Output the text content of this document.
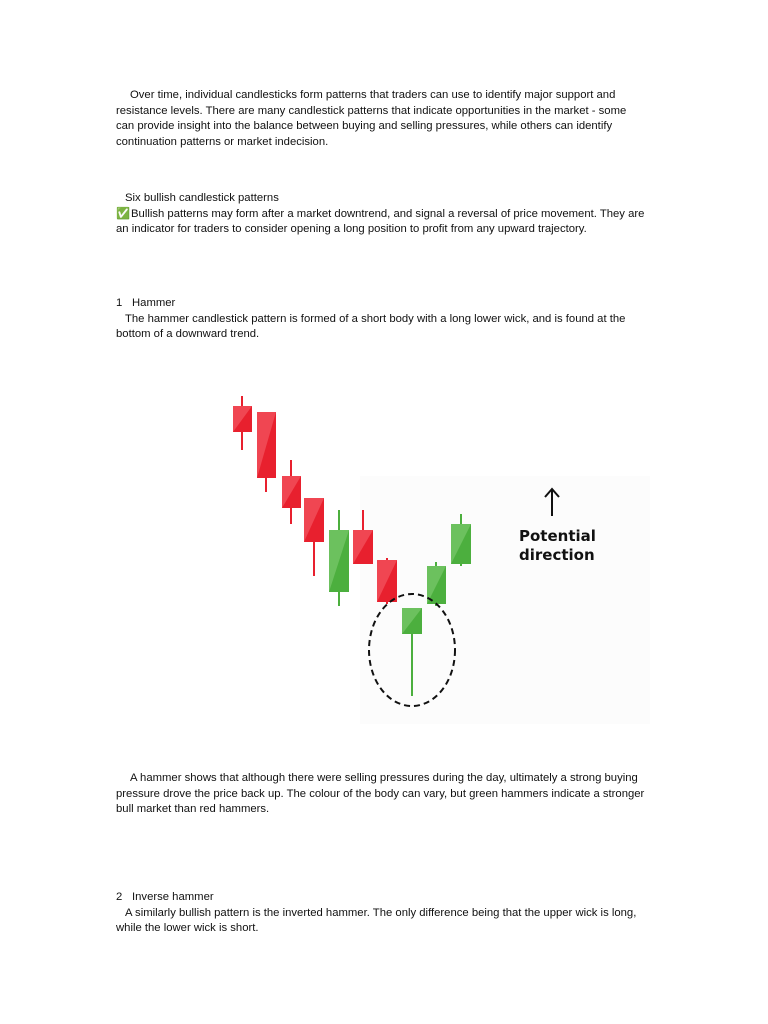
Over time, individual candlesticks form patterns that traders can use to identify major support and resistance levels. There are many candlestick patterns that indicate opportunities in the market - some can provide insight into the balance between buying and selling pressures, while others can identify continuation patterns or market indecision.

Six bullish candlestick patterns

✅Bullish patterns may form after a market downtrend, and signal a reversal of price movement. They are an indicator for traders to consider opening a long position to profit from any upward trajectory.

1 Hammer

The hammer candlestick pattern is formed of a short body with a long lower wick, and is found at the bottom of a downward trend.

Potential
direction

A hammer shows that although there were selling pressures during the day, ultimately a strong buying pressure drove the price back up. The colour of the body can vary, but green hammers indicate a stronger bull market than red hammers.

2 Inverse hammer

A similarly bullish pattern is the inverted hammer. The only difference being that the upper wick is long, while the lower wick is short.
